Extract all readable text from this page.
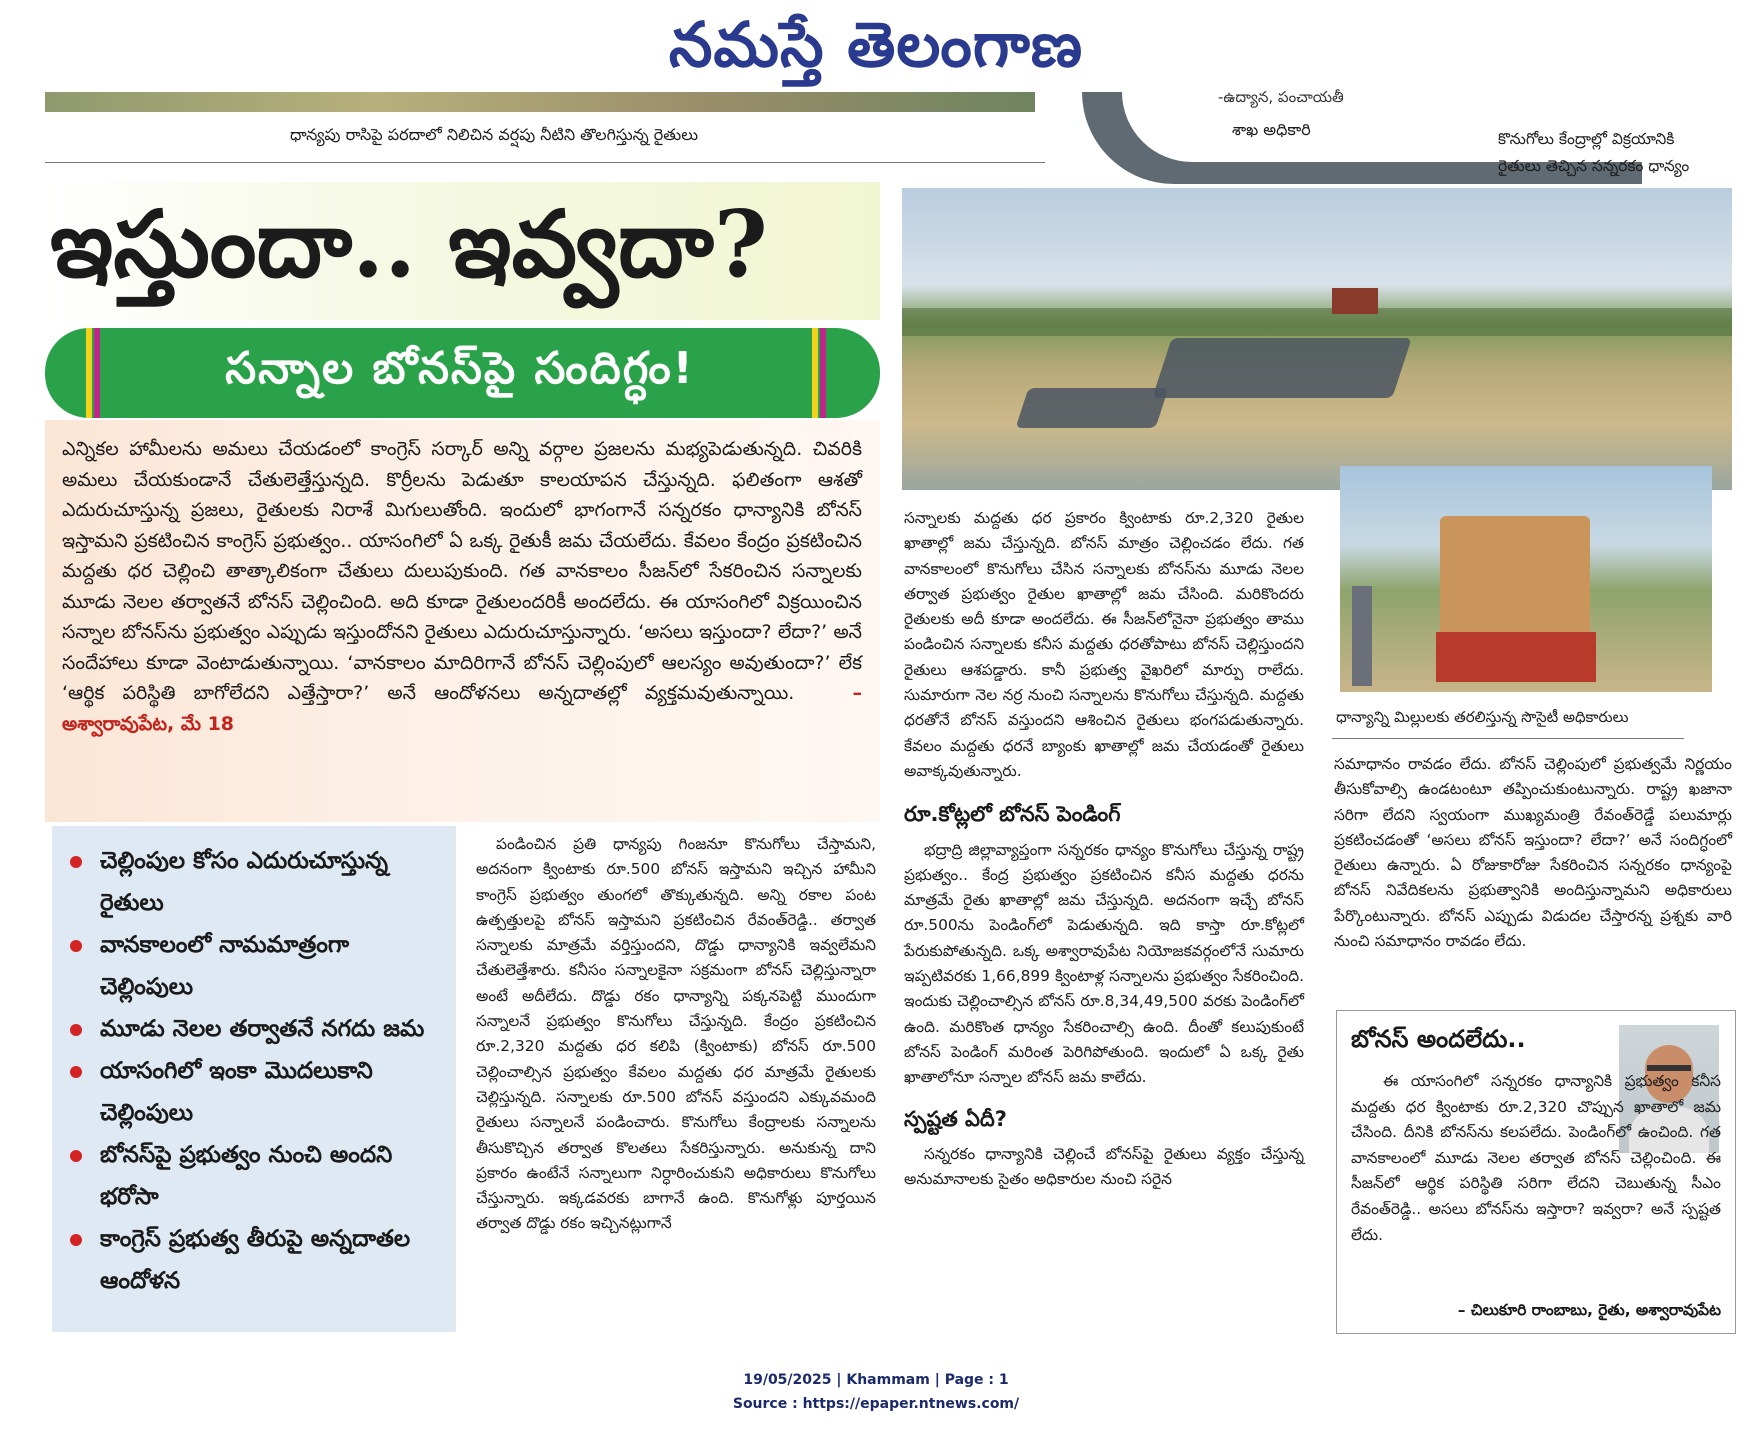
నమస్తే తెలంగాణ
ధాన్యపు రాసిపై పరదాలో నిలిచిన వర్షపు నీటిని తొలగిస్తున్న రైతులు
-ఉద్యాన, పంచాయతీ
శాఖ అధికారి	కొనుగోలు కేంద్రాల్లో విక్రయానికి
రైతులు తెచ్చిన సన్నరకం ధాన్యం
ఇస్తుందా.. ఇవ్వదా?
సన్నాల బోనస్‌పై సందిగ్ధం!
ఎన్నికల హామీలను అమలు చేయడంలో కాంగ్రెస్ సర్కార్ అన్ని వర్గాల ప్రజలను మభ్యపెడుతున్నది. చివరికి అమలు చేయకుండానే చేతులెత్తేస్తున్నది. కొర్రీలను పెడుతూ కాలయాపన చేస్తున్నది. ఫలితంగా ఆశతో ఎదురుచూస్తున్న ప్రజలు, రైతులకు నిరాశే మిగులుతోంది. ఇందులో భాగంగానే సన్నరకం ధాన్యానికి బోనస్ ఇస్తామని ప్రకటించిన కాంగ్రెస్ ప్రభుత్వం.. యాసంగిలో ఏ ఒక్క రైతుకీ జమ చేయలేదు. కేవలం కేంద్రం ప్రకటించిన మద్దతు ధర చెల్లించి తాత్కాలికంగా చేతులు దులుపుకుంది. గత వానకాలం సీజన్‌లో సేకరించిన సన్నాలకు మూడు నెలల తర్వాతనే బోనస్ చెల్లించింది. అది కూడా రైతులందరికీ అందలేదు. ఈ యాసంగిలో విక్రయించిన సన్నాల బోనస్‌ను ప్రభుత్వం ఎప్పుడు ఇస్తుందోనని రైతులు ఎదురుచూస్తున్నారు. ‘అసలు ఇస్తుందా? లేదా?’ అనే సందేహాలు కూడా వెంటాడుతున్నాయి. ‘వానకాలం మాదిరిగానే బోనస్ చెల్లింపులో ఆలస్యం అవుతుందా?’ లేక ‘ఆర్థిక పరిస్థితి బాగోలేదని ఎత్తేస్తారా?’ అనే ఆందోళనలు అన్నదాతల్లో వ్యక్తమవుతున్నాయి.	– అశ్వారావుపేట, మే 18
చెల్లింపుల కోసం ఎదురుచూస్తున్న రైతులు
వానకాలంలో నామమాత్రంగా చెల్లింపులు
మూడు నెలల తర్వాతనే నగదు జమ
యాసంగిలో ఇంకా మొదలుకాని చెల్లింపులు
బోనస్‌పై ప్రభుత్వం నుంచి అందని భరోసా
కాంగ్రెస్ ప్రభుత్వ తీరుపై అన్నదాతల ఆందోళన

పండించిన ప్రతి ధాన్యపు గింజనూ కొనుగోలు చేస్తామని, అదనంగా క్వింటాకు రూ.500 బోనస్ ఇస్తామని ఇచ్చిన హామీని కాంగ్రెస్ ప్రభుత్వం తుంగలో తొక్కుతున్నది. అన్ని రకాల పంట ఉత్పత్తులపై బోనస్ ఇస్తామని ప్రకటించిన రేవంత్‌రెడ్డి.. తర్వాత సన్నాలకు మాత్రమే వర్తిస్తుందని, దొడ్డు ధాన్యానికి ఇవ్వలేమని చేతులెత్తేశారు. కనీసం సన్నాలకైనా సక్రమంగా బోనస్ చెల్లిస్తున్నారా అంటే అదీలేదు. దొడ్డు రకం ధాన్యాన్ని పక్కనపెట్టి ముందుగా సన్నాలనే ప్రభుత్వం కొనుగోలు చేస్తున్నది. కేంద్రం ప్రకటించిన రూ.2,320 మద్దతు ధర కలిపి (క్వింటాకు) బోనస్ రూ.500 చెల్లించాల్సిన ప్రభుత్వం కేవలం మద్దతు ధర మాత్రమే రైతులకు చెల్లిస్తున్నది. సన్నాలకు రూ.500 బోనస్ వస్తుందని ఎక్కువమంది రైతులు సన్నాలనే పండించారు. కొనుగోలు కేంద్రాలకు సన్నాలను తీసుకొచ్చిన తర్వాత కొలతలు సేకరిస్తున్నారు. అనుకున్న దాని ప్రకారం ఉంటేనే సన్నాలుగా నిర్ధారించుకుని అధికారులు కొనుగోలు చేస్తున్నారు. ఇక్కడవరకు బాగానే ఉంది. కొనుగోళ్లు పూర్తయిన తర్వాత దొడ్డు రకం ఇచ్చినట్లుగానే

సన్నాలకు మద్దతు ధర ప్రకారం క్వింటాకు రూ.2,320 రైతుల ఖాతాల్లో జమ చేస్తున్నది. బోనస్ మాత్రం చెల్లించడం లేదు. గత వానకాలంలో కొనుగోలు చేసిన సన్నాలకు బోనస్‌ను మూడు నెలల తర్వాత ప్రభుత్వం రైతుల ఖాతాల్లో జమ చేసింది. మరికొందరు రైతులకు అదీ కూడా అందలేదు. ఈ సీజన్‌లోనైనా ప్రభుత్వం తాము పండించిన సన్నాలకు కనీస మద్దతు ధరతోపాటు బోనస్ చెల్లిస్తుందని రైతులు ఆశపడ్డారు. కానీ ప్రభుత్వ వైఖరిలో మార్పు రాలేదు. సుమారుగా నెల నర్ర నుంచి సన్నాలను కొనుగోలు చేస్తున్నది. మద్దతు ధరతోనే బోనస్ వస్తుందని ఆశించిన రైతులు భంగపడుతున్నారు. కేవలం మద్దతు ధరనే బ్యాంకు ఖాతాల్లో జమ చేయడంతో రైతులు అవాక్కవుతున్నారు.

రూ.కోట్లలో బోనస్ పెండింగ్

భద్రాద్రి జిల్లావ్యాప్తంగా సన్నరకం ధాన్యం కొనుగోలు చేస్తున్న రాష్ట్ర ప్రభుత్వం.. కేంద్ర ప్రభుత్వం ప్రకటించిన కనీస మద్దతు ధరను మాత్రమే రైతు ఖాతాల్లో జమ చేస్తున్నది. అదనంగా ఇచ్చే బోనస్ రూ.500ను పెండింగ్‌లో పెడుతున్నది. ఇది కాస్తా రూ.కోట్లలో పేరుకుపోతున్నది. ఒక్క అశ్వారావుపేట నియోజకవర్గంలోనే సుమారు ఇప్పటివరకు 1,66,899 క్వింటాళ్ల సన్నాలను ప్రభుత్వం సేకరించింది. ఇందుకు చెల్లించాల్సిన బోనస్ రూ.8,34,49,500 వరకు పెండింగ్‌లో ఉంది. మరికొంత ధాన్యం సేకరించాల్సి ఉంది. దీంతో కలుపుకుంటే బోనస్ పెండింగ్ మరింత పెరిగిపోతుంది. ఇందులో ఏ ఒక్క రైతు ఖాతాలోనూ సన్నాల బోనస్ జమ కాలేదు.

స్పష్టత ఏదీ?

సన్నరకం ధాన్యానికి చెల్లించే బోనస్‌పై రైతులు వ్యక్తం చేస్తున్న అనుమానాలకు సైతం అధికారుల నుంచి సరైన

ధాన్యాన్ని మిల్లులకు తరలిస్తున్న సొసైటీ అధికారులు

సమాధానం రావడం లేదు. బోనస్ చెల్లింపులో ప్రభుత్వమే నిర్ణయం తీసుకోవాల్సి ఉండటంటూ తప్పించుకుంటున్నారు. రాష్ట్ర ఖజానా సరిగా లేదని స్వయంగా ముఖ్యమంత్రి రేవంత్‌రెడ్డే పలుమార్లు ప్రకటించడంతో ‘అసలు బోనస్ ఇస్తుందా? లేదా?’ అనే సందిగ్ధంలో రైతులు ఉన్నారు. ఏ రోజుకారోజు సేకరించిన సన్నరకం ధాన్యంపై బోనస్ నివేదికలను ప్రభుత్వానికి అందిస్తున్నామని అధికారులు పేర్కొంటున్నారు. బోనస్ ఎప్పుడు విడుదల చేస్తారన్న ప్రశ్నకు వారి నుంచి సమాధానం రావడం లేదు.

బోనస్ అందలేదు..
ఈ యాసంగిలో సన్నరకం ధాన్యానికి ప్రభుత్వం కనీస మద్దతు ధర క్వింటాకు రూ.2,320 చొప్పున ఖాతాలో జమ చేసింది. దీనికి బోనస్‌ను కలపలేదు. పెండింగ్‌లో ఉంచింది. గత వానకాలంలో మూడు నెలల తర్వాత బోనస్ చెల్లించింది. ఈ సీజన్‌లో ఆర్థిక పరిస్థితి సరిగా లేదని చెబుతున్న సీఎం రేవంత్‌రెడ్డి.. అసలు బోనస్‌ను ఇస్తారా? ఇవ్వరా? అనే స్పష్టత లేదు.
– చిలుకూరి రాంబాబు, రైతు, అశ్వారావుపేట
19/05/2025 | Khammam | Page : 1
Source : https://epaper.ntnews.com/
